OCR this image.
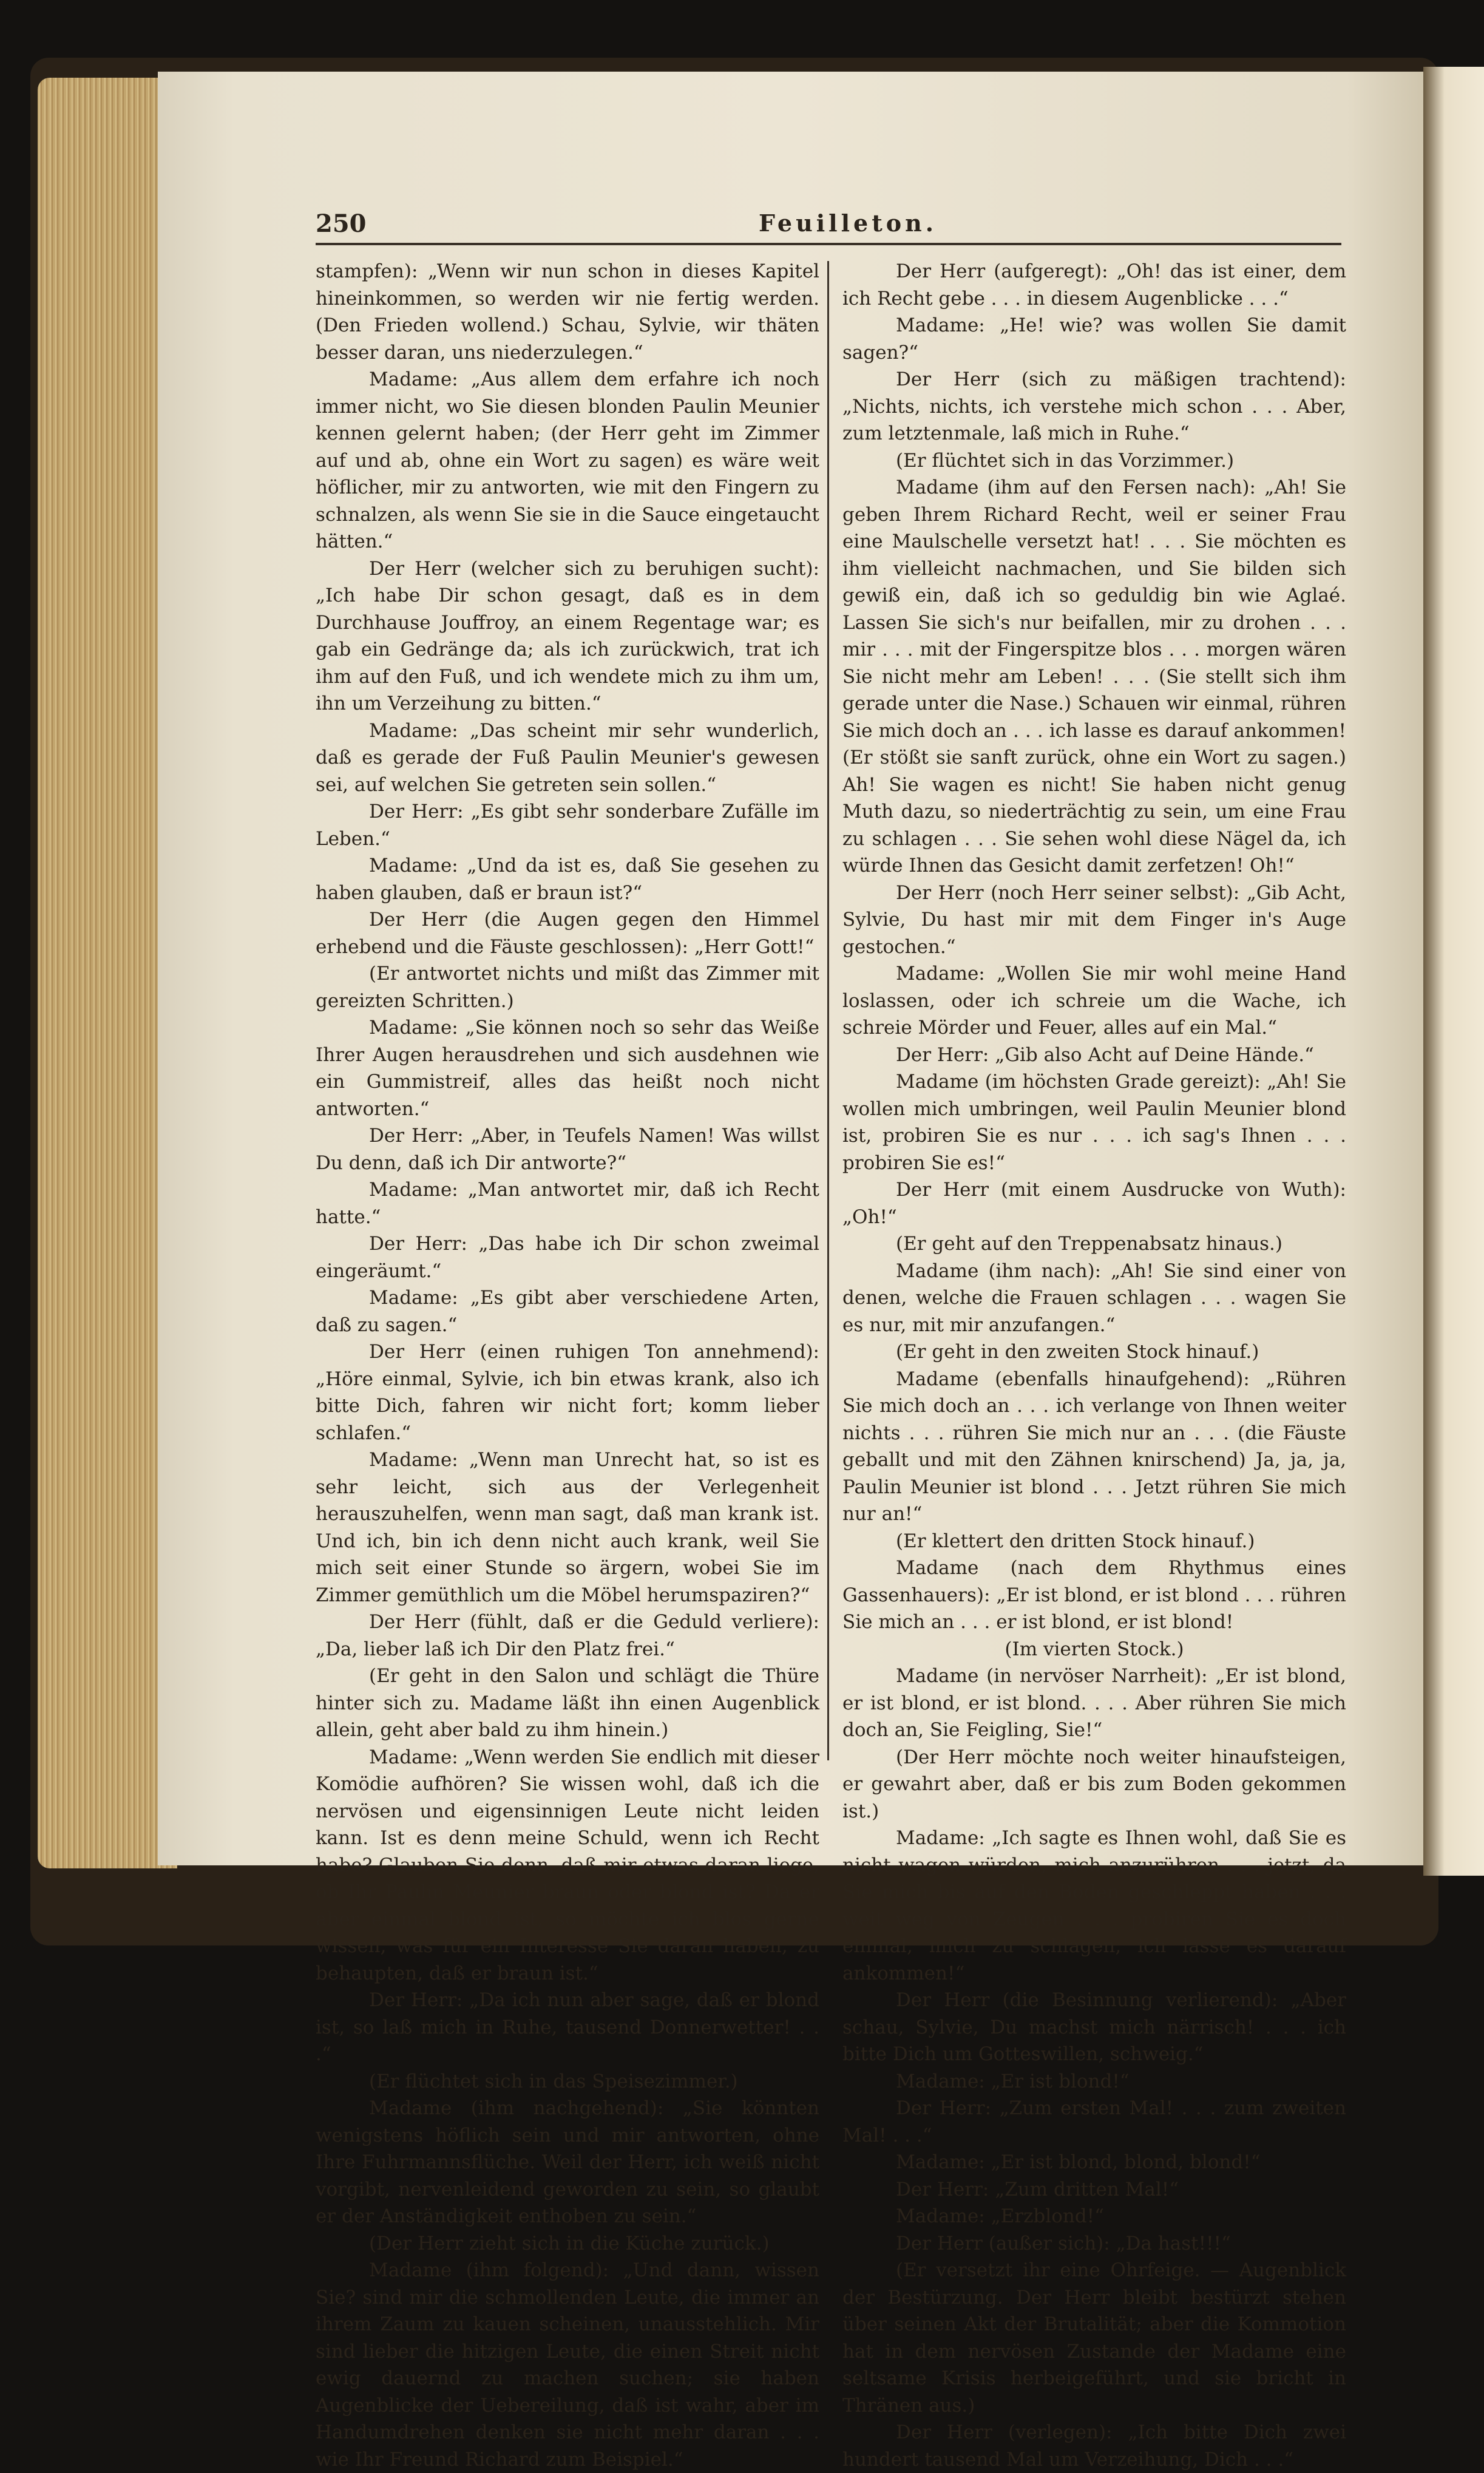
250	Feuilleton.

stampfen): „Wenn wir nun schon in dieses Kapitel hineinkommen, so werden wir nie fertig werden. (Den Frieden wollend.) Schau, Sylvie, wir thäten besser daran, uns niederzulegen.“

Madame: „Aus allem dem erfahre ich noch immer nicht, wo Sie diesen blonden Paulin Meunier kennen gelernt haben; (der Herr geht im Zimmer auf und ab, ohne ein Wort zu sagen) es wäre weit höflicher, mir zu antworten, wie mit den Fingern zu schnalzen, als wenn Sie sie in die Sauce eingetaucht hätten.“

Der Herr (welcher sich zu beruhigen sucht): „Ich habe Dir schon gesagt, daß es in dem Durchhause Jouffroy, an einem Regentage war; es gab ein Gedränge da; als ich zurückwich, trat ich ihm auf den Fuß, und ich wendete mich zu ihm um, ihn um Verzeihung zu bitten.“

Madame: „Das scheint mir sehr wunderlich, daß es gerade der Fuß Paulin Meunier's gewesen sei, auf welchen Sie getreten sein sollen.“

Der Herr: „Es gibt sehr sonderbare Zufälle im Leben.“

Madame: „Und da ist es, daß Sie gesehen zu haben glauben, daß er braun ist?“

Der Herr (die Augen gegen den Himmel erhebend und die Fäuste geschlossen): „Herr Gott!“

(Er antwortet nichts und mißt das Zimmer mit gereizten Schritten.)

Madame: „Sie können noch so sehr das Weiße Ihrer Augen herausdrehen und sich ausdehnen wie ein Gummistreif, alles das heißt noch nicht antworten.“

Der Herr: „Aber, in Teufels Namen! Was willst Du denn, daß ich Dir antworte?“

Madame: „Man antwortet mir, daß ich Recht hatte.“

Der Herr: „Das habe ich Dir schon zweimal eingeräumt.“

Madame: „Es gibt aber verschiedene Arten, daß zu sagen.“

Der Herr (einen ruhigen Ton annehmend): „Höre einmal, Sylvie, ich bin etwas krank, also ich bitte Dich, fahren wir nicht fort; komm lieber schlafen.“

Madame: „Wenn man Unrecht hat, so ist es sehr leicht, sich aus der Verlegenheit herauszuhelfen, wenn man sagt, daß man krank ist. Und ich, bin ich denn nicht auch krank, weil Sie mich seit einer Stunde so ärgern, wobei Sie im Zimmer gemüthlich um die Möbel herumspaziren?“

Der Herr (fühlt, daß er die Geduld verliere): „Da, lieber laß ich Dir den Platz frei.“

(Er geht in den Salon und schlägt die Thüre hinter sich zu. Madame läßt ihn einen Augenblick allein, geht aber bald zu ihm hinein.)

Madame: „Wenn werden Sie endlich mit dieser Komödie aufhören? Sie wissen wohl, daß ich die nervösen und eigensinnigen Leute nicht leiden kann. Ist es denn meine Schuld, wenn ich Recht habe? Glauben Sie denn, daß mir etwas daran liege, ob Ihr Paulin Meunier braun oder blond ist? Da er aber einmal blond ist, so möchte ich blos gerne wissen, was für ein Interesse Sie daran haben, zu behaupten, daß er braun ist.“

Der Herr: „Da ich nun aber sage, daß er blond ist, so laß mich in Ruhe, tausend Donnerwetter! . . .“

(Er flüchtet sich in das Speisezimmer.)

Madame (ihm nachgehend): „Sie könnten wenigstens höflich sein und mir antworten, ohne Ihre Fuhrmannsflüche. Weil der Herr, ich weiß nicht vorgibt, nervenleidend geworden zu sein, so glaubt er der Anständigkeit enthoben zu sein.“

(Der Herr zieht sich in die Küche zurück.)

Madame (ihm folgend): „Und dann, wissen Sie? sind mir die schmollenden Leute, die immer an ihrem Zaum zu kauen scheinen, unausstehlich. Mir sind lieber die hitzigen Leute, die einen Streit nicht ewig dauernd zu machen suchen; sie haben Augenblicke der Uebereilung, daß ist wahr, aber im Handumdrehen denken sie nicht mehr daran . . . wie Ihr Freund Richard zum Beispiel.“

Der Herr (aufgeregt): „Oh! das ist einer, dem ich Recht gebe . . . in diesem Augenblicke . . .“

Madame: „He! wie? was wollen Sie damit sagen?“

Der Herr (sich zu mäßigen trachtend): „Nichts, nichts, ich verstehe mich schon . . . Aber, zum letztenmale, laß mich in Ruhe.“

(Er flüchtet sich in das Vorzimmer.)

Madame (ihm auf den Fersen nach): „Ah! Sie geben Ihrem Richard Recht, weil er seiner Frau eine Maulschelle versetzt hat! . . . Sie möchten es ihm vielleicht nachmachen, und Sie bilden sich gewiß ein, daß ich so geduldig bin wie Aglaé. Lassen Sie sich's nur beifallen, mir zu drohen . . . mir . . . mit der Fingerspitze blos . . . morgen wären Sie nicht mehr am Leben! . . . (Sie stellt sich ihm gerade unter die Nase.) Schauen wir einmal, rühren Sie mich doch an . . . ich lasse es darauf ankommen! (Er stößt sie sanft zurück, ohne ein Wort zu sagen.) Ah! Sie wagen es nicht! Sie haben nicht genug Muth dazu, so niederträchtig zu sein, um eine Frau zu schlagen . . . Sie sehen wohl diese Nägel da, ich würde Ihnen das Gesicht damit zerfetzen! Oh!“

Der Herr (noch Herr seiner selbst): „Gib Acht, Sylvie, Du hast mir mit dem Finger in's Auge gestochen.“

Madame: „Wollen Sie mir wohl meine Hand loslassen, oder ich schreie um die Wache, ich schreie Mörder und Feuer, alles auf ein Mal.“

Der Herr: „Gib also Acht auf Deine Hände.“

Madame (im höchsten Grade gereizt): „Ah! Sie wollen mich umbringen, weil Paulin Meunier blond ist, probiren Sie es nur . . . ich sag's Ihnen . . . probiren Sie es!“

Der Herr (mit einem Ausdrucke von Wuth): „Oh!“

(Er geht auf den Treppenabsatz hinaus.)

Madame (ihm nach): „Ah! Sie sind einer von denen, welche die Frauen schlagen . . . wagen Sie es nur, mit mir anzufangen.“

(Er geht in den zweiten Stock hinauf.)

Madame (ebenfalls hinaufgehend): „Rühren Sie mich doch an . . . ich verlange von Ihnen weiter nichts . . . rühren Sie mich nur an . . . (die Fäuste geballt und mit den Zähnen knirschend) Ja, ja, ja, Paulin Meunier ist blond . . . Jetzt rühren Sie mich nur an!“

(Er klettert den dritten Stock hinauf.)

Madame (nach dem Rhythmus eines Gassenhauers): „Er ist blond, er ist blond . . . rühren Sie mich an . . . er ist blond, er ist blond!

(Im vierten Stock.)

Madame (in nervöser Narrheit): „Er ist blond, er ist blond, er ist blond. . . . Aber rühren Sie mich doch an, Sie Feigling, Sie!“

(Der Herr möchte noch weiter hinaufsteigen, er gewahrt aber, daß er bis zum Boden gekommen ist.)

Madame: „Ich sagte es Ihnen wohl, daß Sie es nicht wagen würden, mich anzurühren . . . jetzt, da Sie mich bis auf den Boden geschleppt haben . . . weit weg von Zeugen . . . probiren Sie es doch einmal, mich zu schlagen, ich lasse es darauf ankommen!“

Der Herr (die Besinnung verlierend): „Aber schau, Sylvie, Du machst mich närrisch! . . . ich bitte Dich um Gotteswillen, schweig.“

Madame: „Er ist blond!“

Der Herr: „Zum ersten Mal! . . . zum zweiten Mal! . . .“

Madame: „Er ist blond, blond, blond!“

Der Herr: „Zum dritten Mal!“

Madame: „Erzblond!“

Der Herr (außer sich): „Da hast!!!“

(Er versetzt ihr eine Ohrfeige. — Augenblick der Bestürzung. Der Herr bleibt bestürzt stehen über seinen Akt der Brutalität; aber die Kommotion hat in dem nervösen Zustande der Madame eine seltsame Krisis herbeigeführt, und sie bricht in Thränen aus.)

Der Herr (verlegen): „Ich bitte Dich zwei hundert tausend Mal um Verzeihung, Dich . . .“
